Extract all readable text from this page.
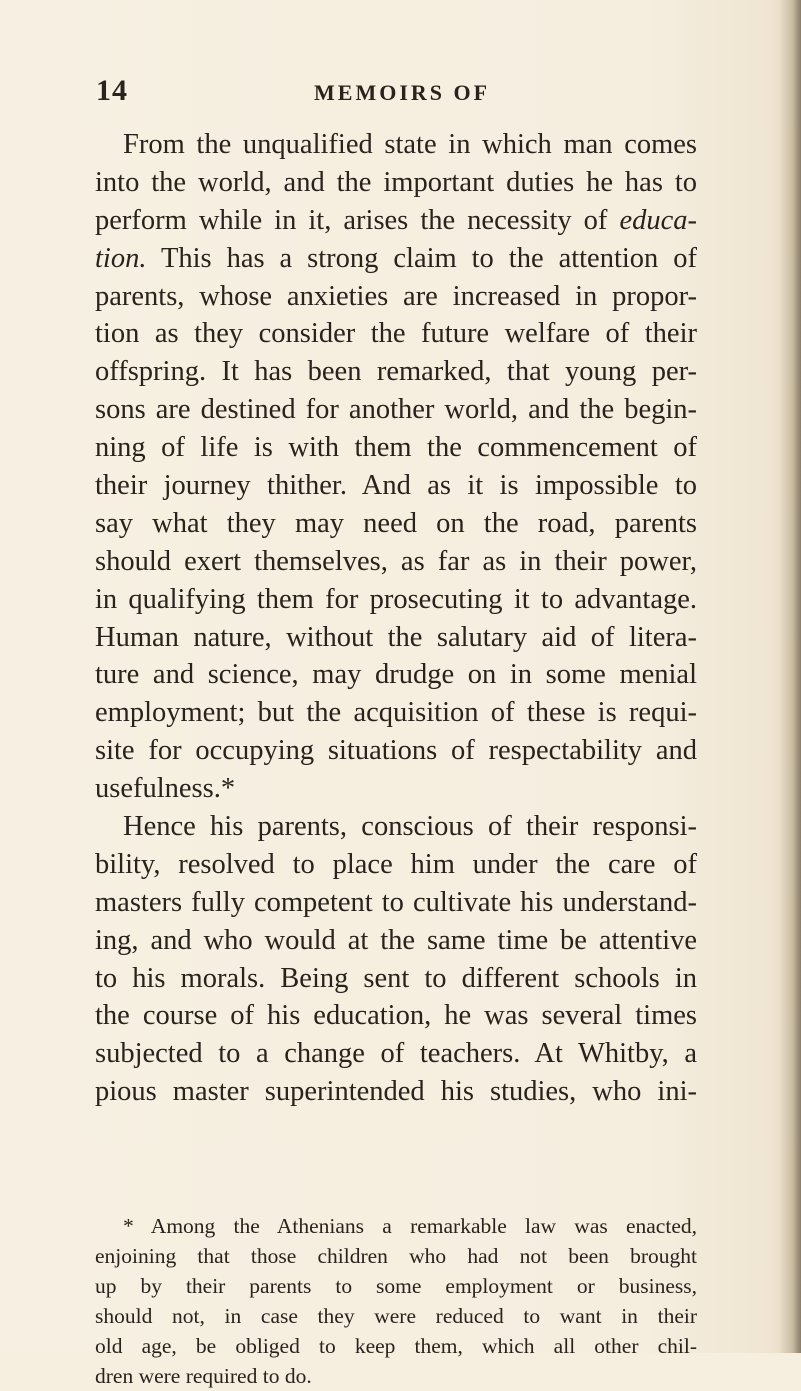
14	MEMOIRS OF
From the unqualified state in which man comes
into the world, and the important duties he has to
perform while in it, arises the necessity of educa-
tion. This has a strong claim to the attention of
parents, whose anxieties are increased in propor-
tion as they consider the future welfare of their
offspring. It has been remarked, that young per-
sons are destined for another world, and the begin-
ning of life is with them the commencement of
their journey thither. And as it is impossible to
say what they may need on the road, parents
should exert themselves, as far as in their power,
in qualifying them for prosecuting it to advantage.
Human nature, without the salutary aid of litera-
ture and science, may drudge on in some menial
employment; but the acquisition of these is requi-
site for occupying situations of respectability and
usefulness.*
Hence his parents, conscious of their responsi-
bility, resolved to place him under the care of
masters fully competent to cultivate his understand-
ing, and who would at the same time be attentive
to his morals. Being sent to different schools in
the course of his education, he was several times
subjected to a change of teachers. At Whitby, a
pious master superintended his studies, who ini-
* Among the Athenians a remarkable law was enacted,
enjoining that those children who had not been brought
up by their parents to some employment or business,
should not, in case they were reduced to want in their
old age, be obliged to keep them, which all other chil-
dren were required to do.
